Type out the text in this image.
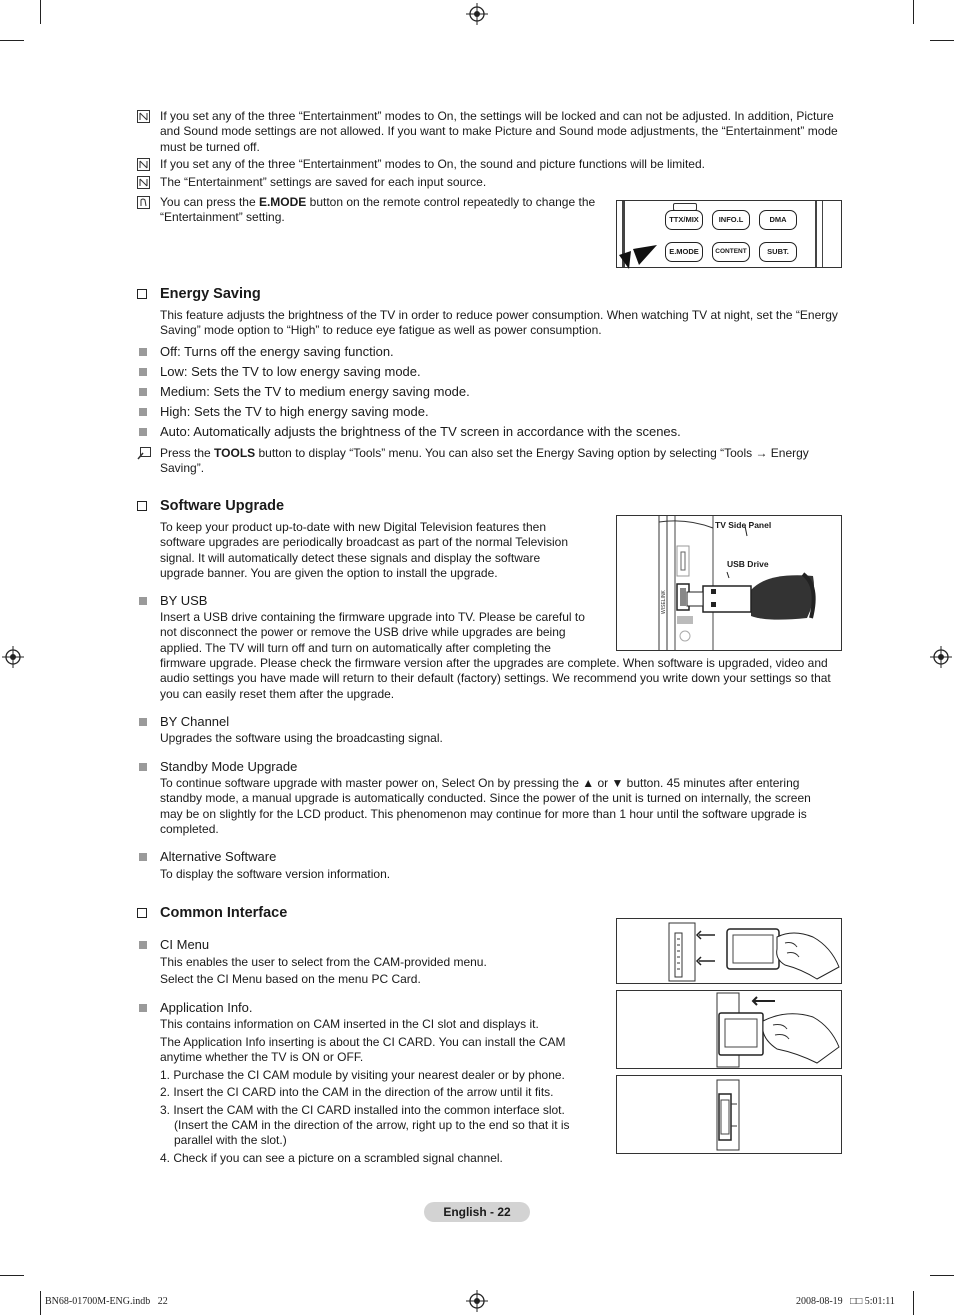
If you set any of the three “Entertainment” modes to On, the settings will be locked and can not be adjusted. In addition, Picture and Sound mode settings are not allowed. If you want to make Picture and Sound mode adjustments, the “Entertainment” mode must be turned off.
If you set any of the three “Entertainment” modes to On, the sound and picture functions will be limited.
The “Entertainment” settings are saved for each input source.
You can press the E.MODE button on the remote control repeatedly to change the “Entertainment” setting.	TTX/MIX	INFO.L	DMA
E.MODE	CONTENT	SUBT.
Energy Saving
This feature adjusts the brightness of the TV in order to reduce power consumption. When watching TV at night, set the “Energy Saving” mode option to “High” to reduce eye fatigue as well as power consumption.
Off: Turns off the energy saving function.
Low: Sets the TV to low energy saving mode.
Medium: Sets the TV to medium energy saving mode.
High: Sets the TV to high energy saving mode.
Auto: Automatically adjusts the brightness of the TV screen in accordance with the scenes.
Press the TOOLS button to display “Tools” menu. You can also set the Energy Saving option by selecting “Tools → Energy Saving”.
Software Upgrade
To keep your product up-to-date with new Digital Television features then software upgrades are periodically broadcast as part of the normal Television signal. It will automatically detect these signals and display the software upgrade banner. You are given the option to install the upgrade.
TV Side Panel
USB Drive
WISELINK
BY USB
Insert a USB drive containing the firmware upgrade into TV. Please be careful to not disconnect the power or remove the USB drive while upgrades are being applied. The TV will turn off and turn on automatically after completing the
firmware upgrade. Please check the firmware version after the upgrades are complete. When software is upgraded, video and audio settings you have made will return to their default (factory) settings. We recommend you write down your settings so that you can easily reset them after the upgrade.
BY Channel
Upgrades the software using the broadcasting signal.
Standby Mode Upgrade
To continue software upgrade with master power on, Select On by pressing the ▲ or ▼ button. 45 minutes after entering standby mode, a manual upgrade is automatically conducted. Since the power of the unit is turned on internally, the screen may be on slightly for the LCD product. This phenomenon may continue for more than 1 hour until the software upgrade is completed.
Alternative Software
To display the software version information.
Common Interface
CI Menu
This enables the user to select from the CAM-provided menu.
Select the CI Menu based on the menu PC Card.
Application Info.
This contains information on CAM inserted in the CI slot and displays it.
The Application Info inserting is about the CI CARD. You can install the CAM anytime whether the TV is ON or OFF.
1. Purchase the CI CAM module by visiting your nearest dealer or by phone.
2. Insert the CI CARD into the CAM in the direction of the arrow until it fits.
3. Insert the CAM with the CI CARD installed into the common interface slot.
(Insert the CAM in the direction of the arrow, right up to the end so that it is parallel with the slot.)
4. Check if you can see a picture on a scrambled signal channel.
English - 22
BN68-01700M-ENG.indb   22	2008-08-19   □□ 5:01:11
